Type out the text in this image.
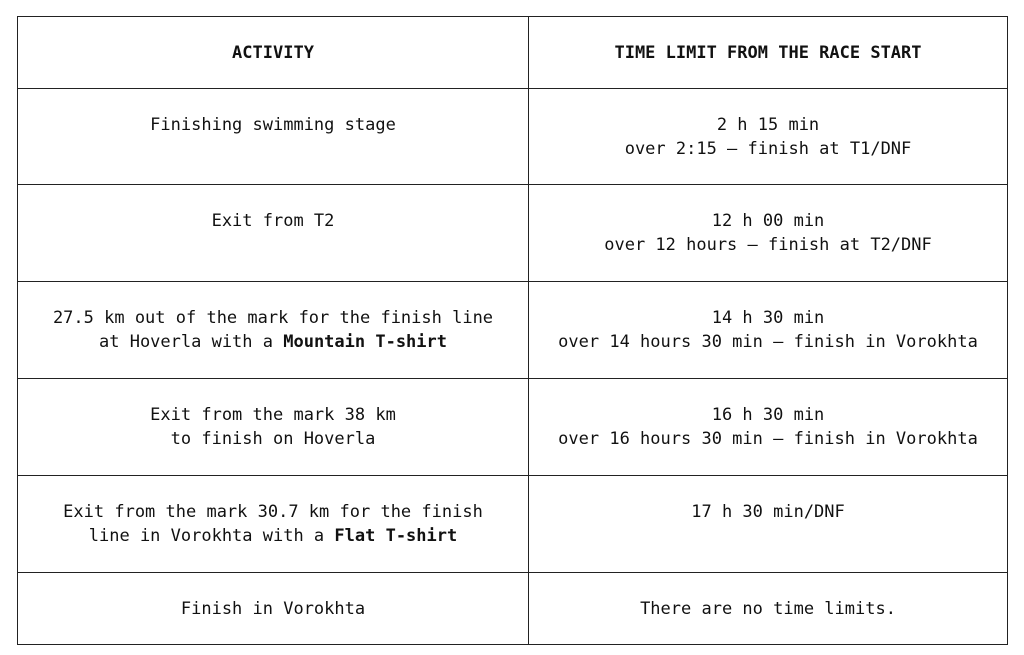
ACTIVITY	TIME LIMIT FROM THE RACE START

Finishing swimming stage	2 h 15 min
over 2:15 – finish at T1/DNF

Exit from T2	12 h 00 min
over 12 hours – finish at T2/DNF

27.5 km out of the mark for the finish line
at Hoverla with a Mountain T-shirt	14 h 30 min
over 14 hours 30 min – finish in Vorokhta

Exit from the mark 38 km
to finish on Hoverla	16 h 30 min
over 16 hours 30 min – finish in Vorokhta

Exit from the mark 30.7 km for the finish
line in Vorokhta with a Flat T-shirt	17 h 30 min/DNF

Finish in Vorokhta	There are no time limits.
